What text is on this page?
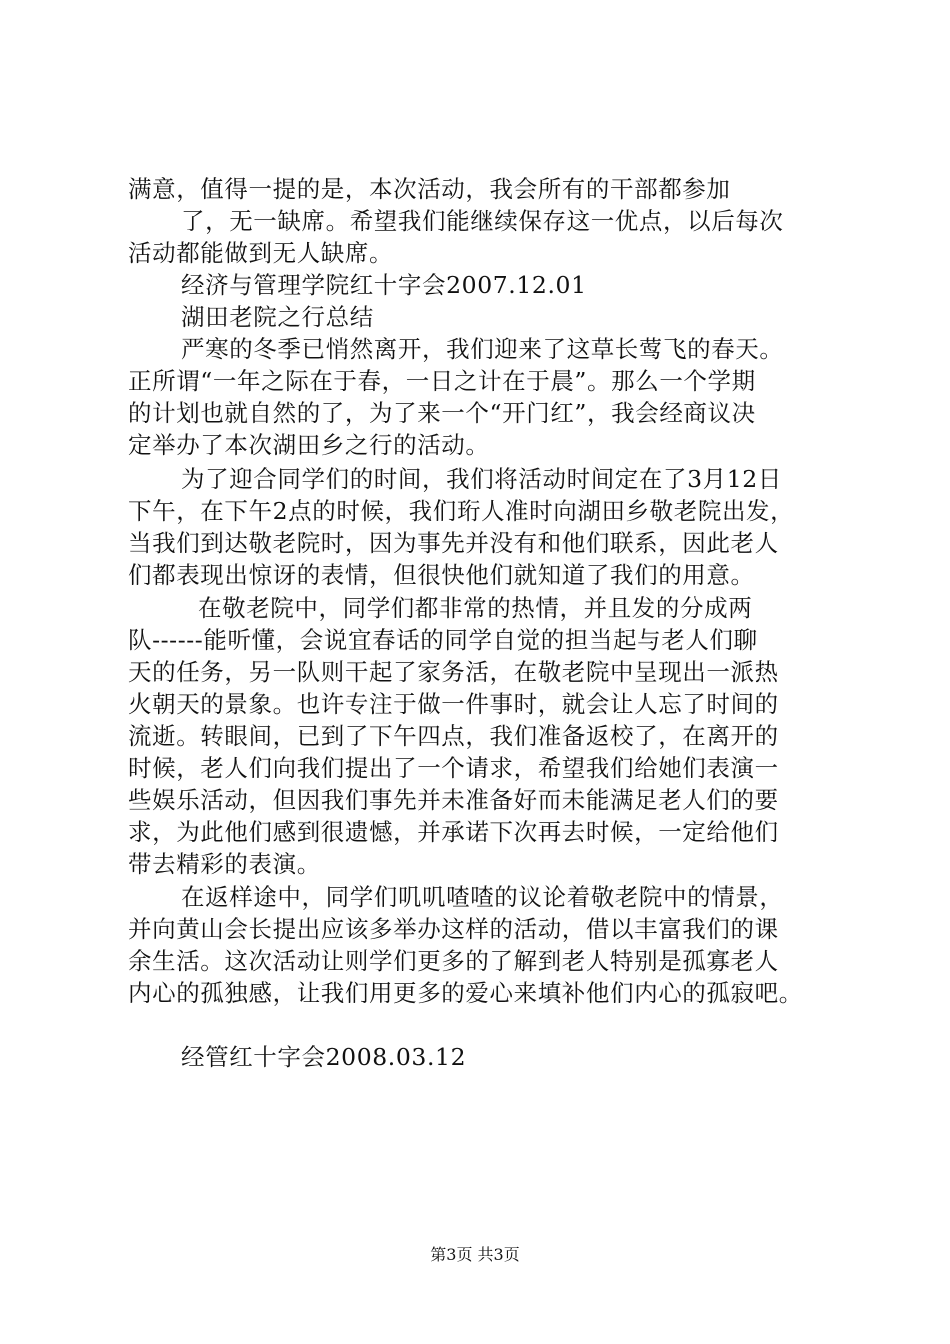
满意，值得一提的是，本次活动，我会所有的干部都参加
了，无一缺席。希望我们能继续保存这一优点，以后每次
活动都能做到无人缺席。
经济与管理学院红十字会2007.12.01
湖田老院之行总结
严寒的冬季已悄然离开，我们迎来了这草长莺飞的春天。
正所谓“一年之际在于春，一日之计在于晨”。那么一个学期
的计划也就自然的了，为了来一个“开门红”，我会经商议决
定举办了本次湖田乡之行的活动。
为了迎合同学们的时间，我们将活动时间定在了3月12日
下午，在下午2点的时候，我们珩人准时向湖田乡敬老院出发，
当我们到达敬老院时，因为事先并没有和他们联系，因此老人
们都表现出惊讶的表情，但很快他们就知道了我们的用意。
在敬老院中，同学们都非常的热情，并且发的分成两
队------能听懂，会说宜春话的同学自觉的担当起与老人们聊
天的任务，另一队则干起了家务活，在敬老院中呈现出一派热
火朝天的景象。也许专注于做一件事时，就会让人忘了时间的
流逝。转眼间，已到了下午四点，我们准备返校了，在离开的
时候，老人们向我们提出了一个请求，希望我们给她们表演一
些娱乐活动，但因我们事先并未准备好而未能满足老人们的要
求，为此他们感到很遗憾，并承诺下次再去时候，一定给他们
带去精彩的表演。
在返样途中，同学们叽叽喳喳的议论着敬老院中的情景，
并向黄山会长提出应该多举办这样的活动，借以丰富我们的课
余生活。这次活动让则学们更多的了解到老人特别是孤寡老人
内心的孤独感，让我们用更多的爱心来填补他们内心的孤寂吧。
经管红十字会2008.03.12
第3页 共3页
